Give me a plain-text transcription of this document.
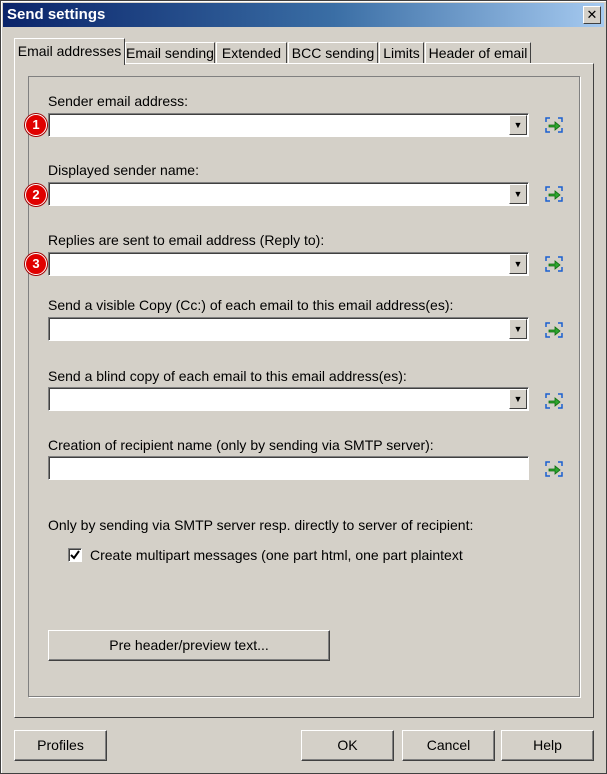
Send settings	✕
Email addresses Email sending Extended BCC sending Limits Header of email
Sender email address:
1	▼
Displayed sender name:
2	▼
Replies are sent to email address (Reply to):
3	▼
Send a visible Copy (Cc:) of each email to this email address(es):
▼
Send a blind copy of each email to this email address(es):
▼
Creation of recipient name (only by sending via SMTP server):
Only by sending via SMTP server resp. directly to server of recipient:
Create multipart messages (one part html, one part plaintext
Pre header/preview text...
Profiles	OK	Cancel	Help
